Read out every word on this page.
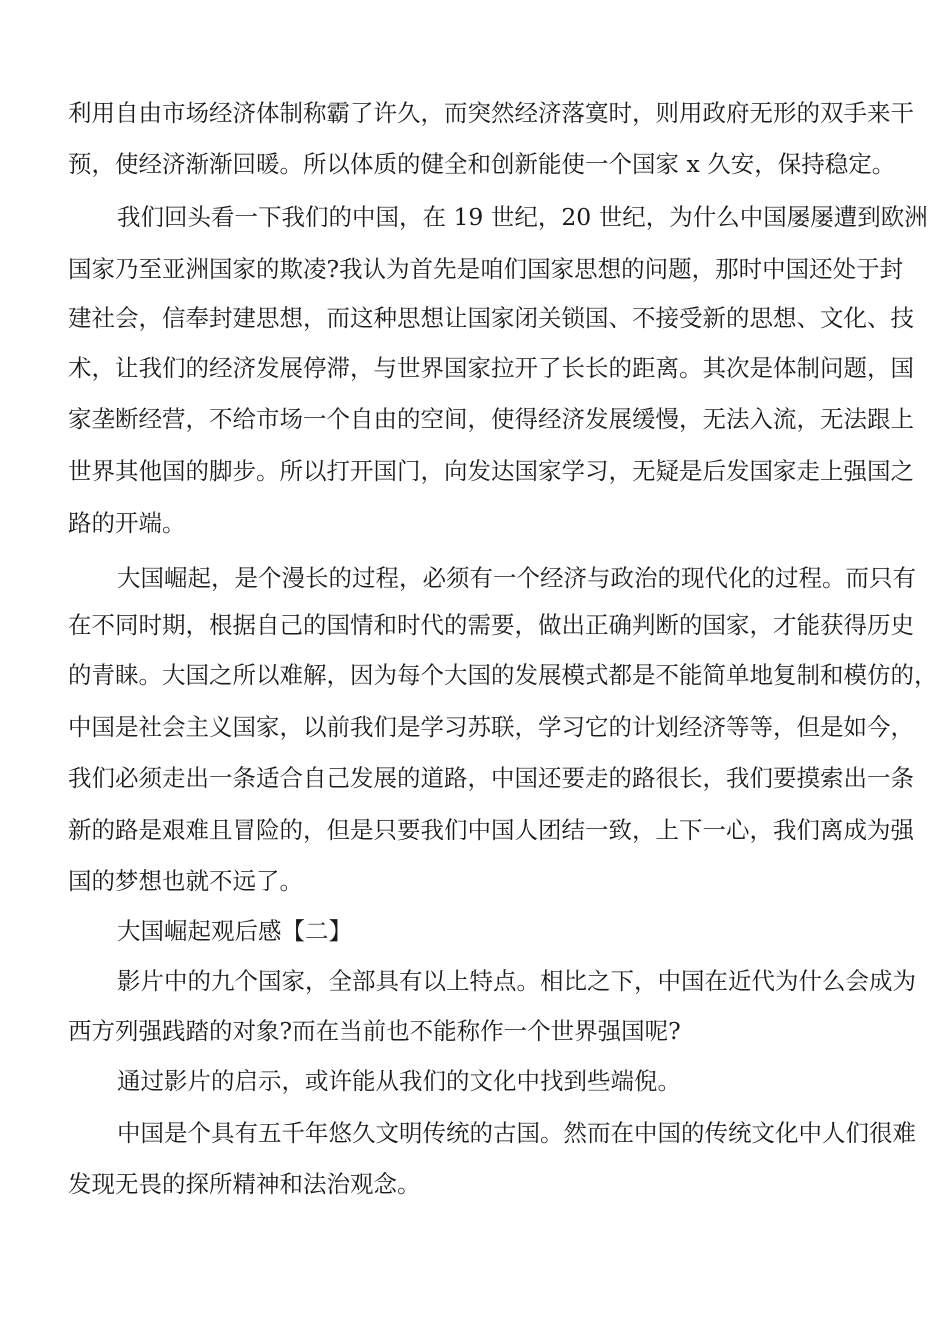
利用自由市场经济体制称霸了许久，而突然经济落寞时，则用政府无形的双手来干
预，使经济渐渐回暖。所以体质的健全和创新能使一个国家 x 久安，保持稳定。
我们回头看一下我们的中国，在 19 世纪，20 世纪，为什么中国屡屡遭到欧洲
国家乃至亚洲国家的欺凌?我认为首先是咱们国家思想的问题，那时中国还处于封
建社会，信奉封建思想，而这种思想让国家闭关锁国、不接受新的思想、文化、技
术，让我们的经济发展停滞，与世界国家拉开了长长的距离。其次是体制问题，国
家垄断经营，不给市场一个自由的空间，使得经济发展缓慢，无法入流，无法跟上
世界其他国的脚步。所以打开国门，向发达国家学习，无疑是后发国家走上强国之
路的开端。
大国崛起，是个漫长的过程，必须有一个经济与政治的现代化的过程。而只有
在不同时期，根据自己的国情和时代的需要，做出正确判断的国家，才能获得历史
的青睐。大国之所以难解，因为每个大国的发展模式都是不能简单地复制和模仿的，
中国是社会主义国家，以前我们是学习苏联，学习它的计划经济等等，但是如今，
我们必须走出一条适合自己发展的道路，中国还要走的路很长，我们要摸索出一条
新的路是艰难且冒险的，但是只要我们中国人团结一致，上下一心，我们离成为强
国的梦想也就不远了。
大国崛起观后感【二】
影片中的九个国家，全部具有以上特点。相比之下，中国在近代为什么会成为
西方列强践踏的对象?而在当前也不能称作一个世界强国呢?
通过影片的启示，或许能从我们的文化中找到些端倪。
中国是个具有五千年悠久文明传统的古国。然而在中国的传统文化中人们很难
发现无畏的探所精神和法治观念。
